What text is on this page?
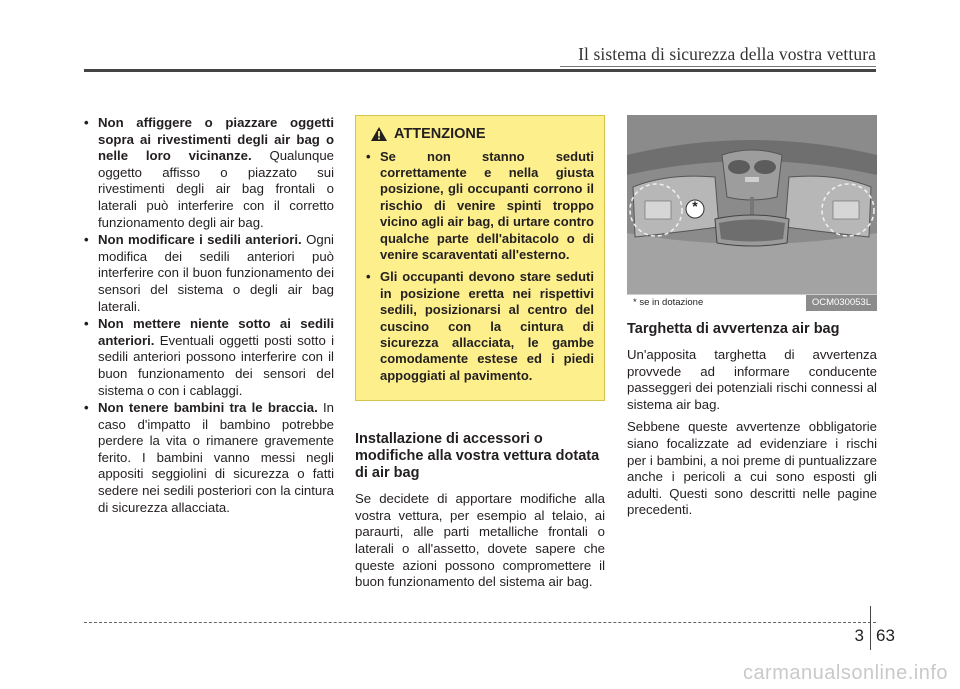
Il sistema di sicurezza della vostra vettura
• Non affiggere o piazzare oggetti sopra ai rivestimenti degli air bag o nelle loro vicinanze. Qualunque oggetto affisso o piazzato sui rivestimenti degli air bag frontali o laterali può interferire con il corretto funzionamento degli air bag.
• Non modificare i sedili anteriori. Ogni modifica dei sedili anteriori può interferire con il buon funzionamento dei sensori del sistema o degli air bag laterali.
• Non mettere niente sotto ai sedili anteriori. Eventuali oggetti posti sotto i sedili anteriori possono interferire con il buon funzionamento dei sensori del sistema o con i cablaggi.
• Non tenere bambini tra le braccia. In caso d'impatto il bambino potrebbe perdere la vita o rimanere gravemente ferito. I bambini vanno messi negli appositi seggiolini di sicurezza o fatti sedere nei sedili posteriori con la cintura di sicurezza allacciata.
ATTENZIONE
• Se non stanno seduti correttamente e nella giusta posizione, gli occupanti corrono il rischio di venire spinti troppo vicino agli air bag, di urtare contro qualche parte dell'abitacolo o di venire scaraventati all'esterno.
• Gli occupanti devono stare seduti in posizione eretta nei rispettivi sedili, posizionarsi al centro del cuscino con la cintura di sicurezza allacciata, le gambe comodamente estese ed i piedi appoggiati al pavimento.
Installazione di accessori o modifiche alla vostra vettura dotata di air bag

Se decidete di apportare modifiche alla vostra vettura, per esempio al telaio, ai paraurti, alle parti metalliche frontali o laterali o all'assetto, dovete sapere che queste azioni possono compromettere il buon funzionamento del sistema air bag.

*
* se in dotazione	OCM030053L
Targhetta di avvertenza air bag

Un'apposita targhetta di avvertenza provvede ad informare conducente passeggeri dei potenziali rischi connessi al sistema air bag.

Sebbene queste avvertenze obbligatorie siano focalizzate ad evidenziare i rischi per i bambini, a noi preme di puntualizzare anche i pericoli a cui sono esposti gli adulti. Questi sono descritti nelle pagine precedenti.

3 63
carmanualsonline.info
